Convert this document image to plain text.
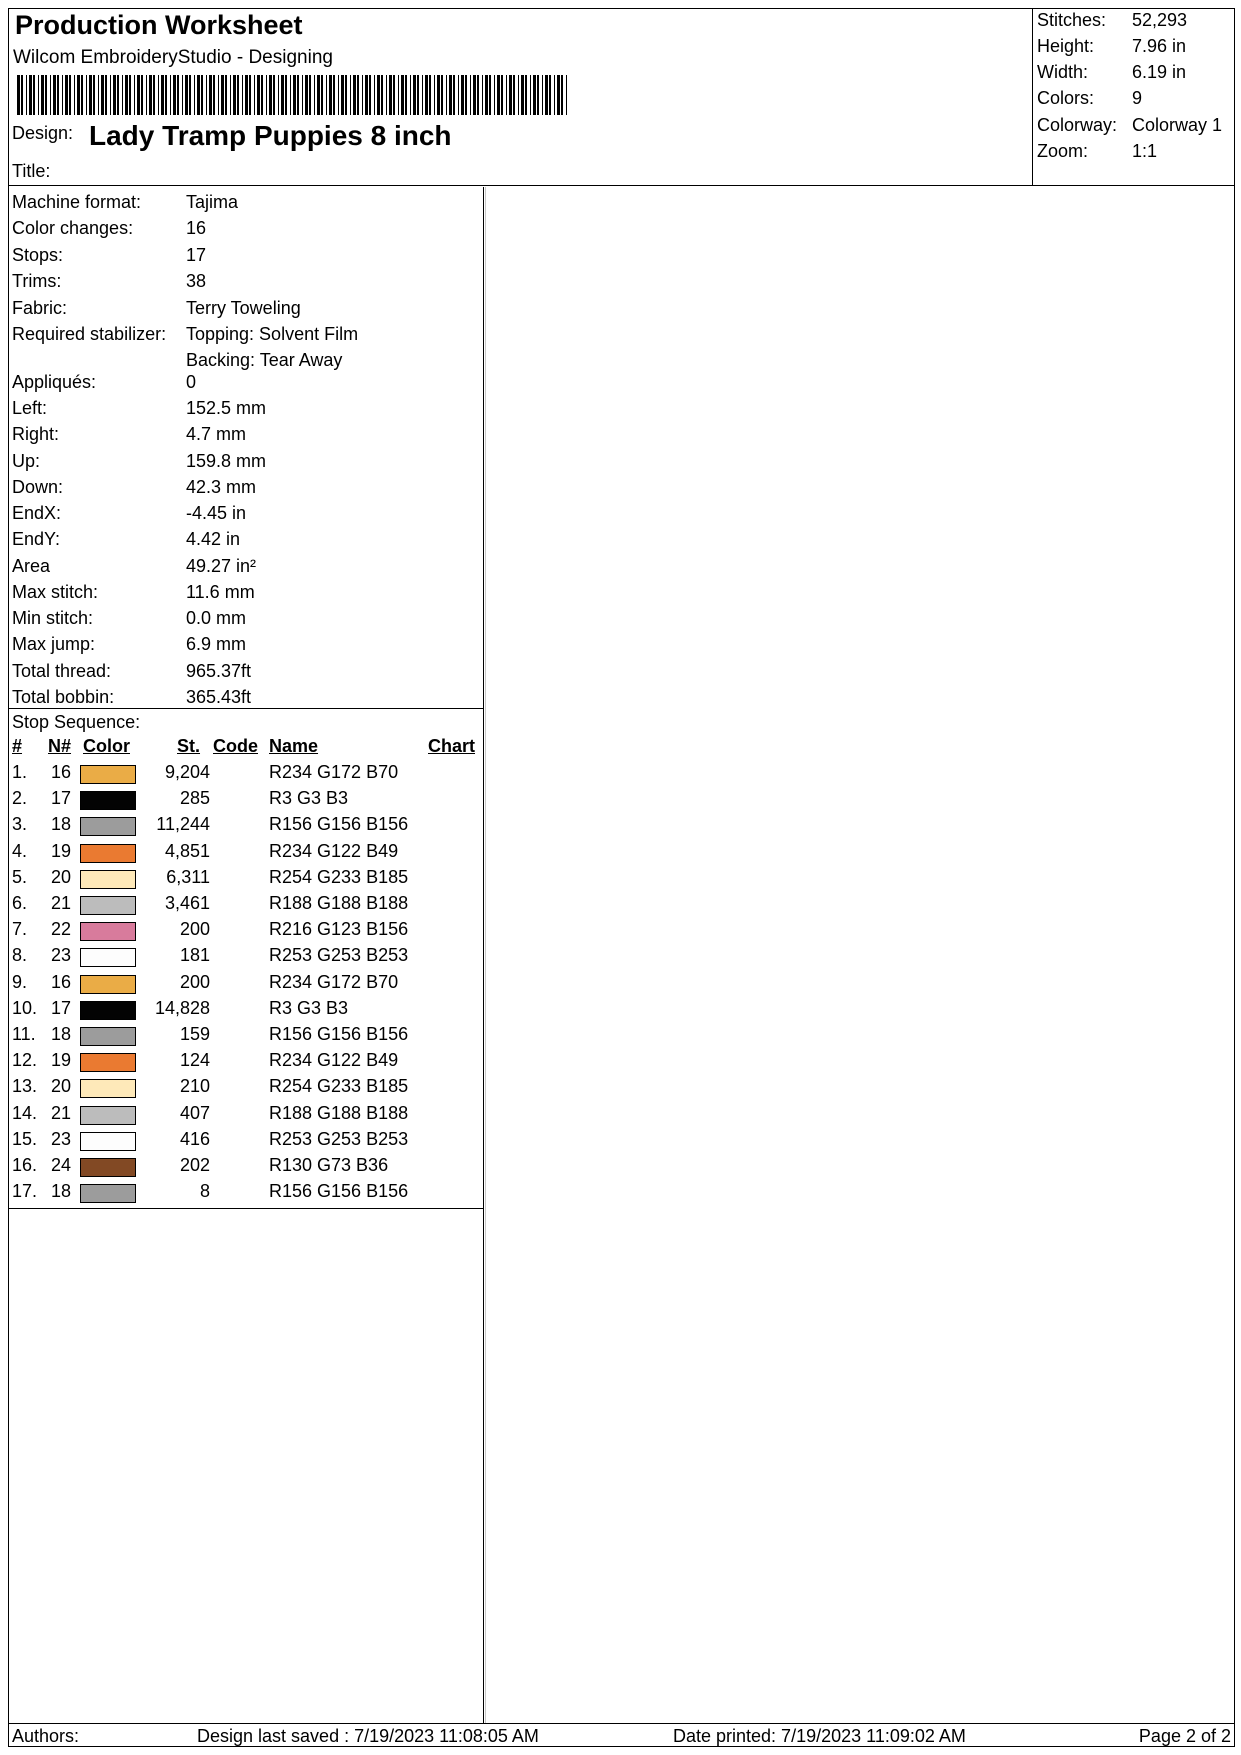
Production Worksheet
Wilcom EmbroideryStudio - Designing
Design: Lady Tramp Puppies 8 inch
Title:
Stitches: 52,293
Height: 7.96 in
Width: 6.19 in
Colors: 9
Colorway: Colorway 1
Zoom: 1:1
Machine format: Tajima
Color changes:	16
Stops:	17
Trims:	38
Fabric:	Terry Toweling
Required stabilizer: Topping: Solvent Film
Backing: Tear Away
Appliqués:	0
Left:	152.5 mm
Right:	4.7 mm
Up:	159.8 mm
Down:	42.3 mm
EndX:	-4.45 in
EndY:	4.42 in
Area	49.27 in²
Max stitch:	11.6 mm
Min stitch:	0.0 mm
Max jump:	6.9 mm
Total thread:	965.37ft
Total bobbin:	365.43ft
Stop Sequence:
# N# Color	St. Code Name	Chart
1. 16	9,204	R234 G172 B70
2. 17	285	R3 G3 B3
3. 18	11,244	R156 G156 B156
4. 19	4,851	R234 G122 B49
5. 20	6,311	R254 G233 B185
6. 21	3,461	R188 G188 B188
7. 22	200	R216 G123 B156
8. 23	181	R253 G253 B253
9. 16	200	R234 G172 B70
10. 17	14,828	R3 G3 B3
11. 18	159	R156 G156 B156
12. 19	124	R234 G122 B49
13. 20	210	R254 G233 B185
14. 21	407	R188 G188 B188
15. 23	416	R253 G253 B253
16. 24	202	R130 G73 B36
17. 18	8	R156 G156 B156
Authors:	Design last saved : 7/19/2023 11:08:05 AM	Date printed: 7/19/2023 11:09:02 AM	Page 2 of 2
